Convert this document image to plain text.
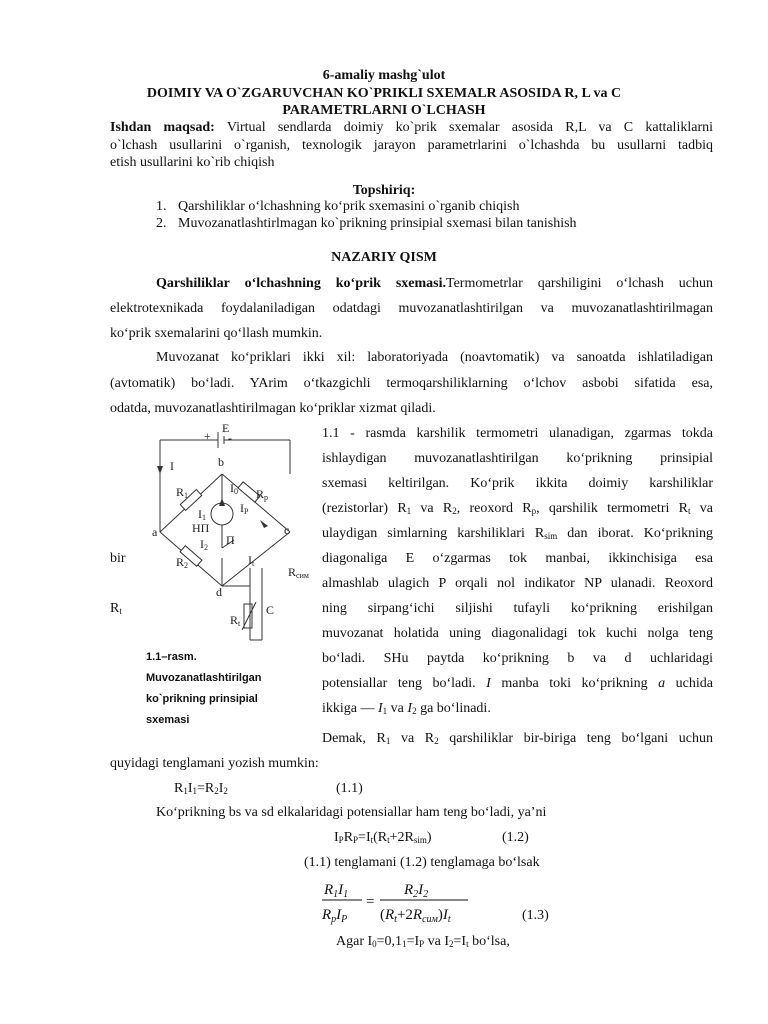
6-amaliy mashg`ulot
DOIMIY VA O`ZGARUVCHAN KO`PRIKLI SXEMALR ASOSIDA R, L va C
PARAMETRLARNI O`LCHASH
Ishdan maqsad: Virtual sendlarda doimiy ko`prik sxemalar asosida R,L va C kattaliklarni
o`lchash usullarini o`rganish, texnologik jarayon parametrlarini o`lchashda bu usullarni tadbiq
etish usullarini ko`rib chiqish
Topshiriq:
1. Qarshiliklar o‘lchashning ko‘prik sxemasini o`rganib chiqish
2. Muvozanatlashtirlmagan ko`prikning prinsipial sxemasi bilan tanishish
NAZARIY QISM
Qarshiliklar o‘lchashning ko‘prik sxemasi.Termometrlar qarshiligini o‘lchash uchun
elektrotexnikada foydalaniladigan odatdagi muvozanatlashtirilgan va muvozanatlashtirilmagan
ko‘prik sxemalarini qo‘llash mumkin.
Muvozanat ko‘priklari ikki xil: laboratoriyada (noavtomatik) va sanoatda ishlatiladigan
(avtomatik) bo‘ladi. YArim o‘tkazgichli termoqarshiliklarning o‘lchov asbobi sifatida esa,
odatda, muvozanatlashtirilmagan ko‘priklar xizmat qiladi.
1.1 - rasmda karshilik termometri ulanadigan, zgarmas tokda
ishlaydigan muvozanatlashtirilgan ko‘prikning prinsipial
sxemasi keltirilgan. Ko‘prik ikkita doimiy karshiliklar
(rezistorlar) $R_1$ va $R_2$, reoxord $R_p$, qarshilik termometri $R_t$ va
ulaydigan simlarning karshiliklari $R_{sim}$ dan iborat. Ko‘prikning
bir	diagonaliga E o‘zgarmas tok manbai, ikkinchisiga esa
almashlab ulagich P orqali nol indikator NP ulanadi. Reoxord
$R_t$	ning sirpang‘ichi siljishi tufayli ko‘prikning erishilgan
muvozanat holatida uning diagonalidagi tok kuchi nolga teng
bo‘ladi. SHu paytda ko‘prikning b va d uchlaridagi
potensiallar teng bo‘ladi. I manba toki ko‘prikning a uchida
ikkiga — $I_1$ va $I_2$ ga bo‘linadi.
1.1–rasm.
Muvozanatlashtirilgan
ko`prikning prinsipial
sxemasi
+
E
-
I	b
a	c
d
R1
I1
I0 Rp
IP
НП
I2
П
It
R2	Rсим
Rt
C
Demak, $R_1$ va $R_2$ qarshiliklar bir-biriga teng bo‘lgani uchun
quyidagi tenglamani yozish mumkin:
$R_1I_1=R_2I_2$	(1.1)
Ko‘prikning bs va sd elkalaridagi potensiallar ham teng bo‘ladi, ya’ni
$I_PR_P=I_t(R_t+2R_{sim})$	(1.2)
(1.1) tenglamani (1.2) tenglamaga bo‘lsak
$R_1I_1$
$R_pI_P$
=
$R_2I_2$
$(R_t+2R_{сим})I_t$	(1.3)
Agar $I_0=0,1_1=I_P$ va $I_2=I_t$ bo‘lsa,
